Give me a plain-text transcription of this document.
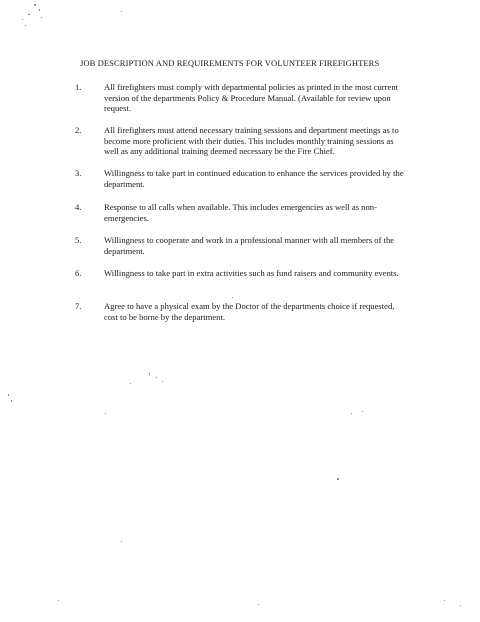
JOB DESCRIPTION AND REQUIREMENTS FOR VOLUNTEER FIREFIGHTERS
1.	All firefighters must comply with departmental policies as printed in the most current version of the departments Policy & Procedure Manual. (Available for review upon request.
2.	All firefighters must attend necessary training sessions and department meetings as to become more proficient with their duties. This includes monthly training sessions as well as any additional training deemed necessary be the Fire Chief.
3.	Willingness to take part in continued education to enhance the services provided by the department.
4.	Response to all calls when available. This includes emergencies as well as non-emergencies.
5.	Willingness to cooperate and work in a professional manner with all members of the department.
6.	Willingness to take part in extra activities such as fund raisers and community events.
7.	Agree to have a physical exam by the Doctor of the departments choice if requested, cost to be borne by the department.
